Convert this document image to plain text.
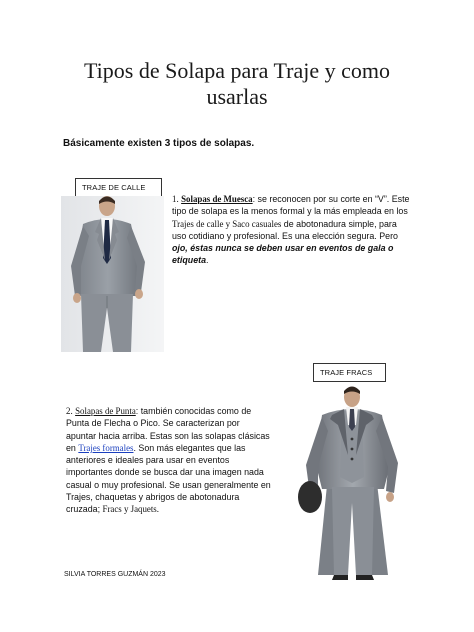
Tipos de Solapa para Traje y como usarlas
Básicamente existen 3 tipos de solapas.
TRAJE DE CALLE
1. Solapas de Muesca: se reconocen por su corte en “V”. Este tipo de solapa es la menos formal y la más empleada en los Trajes de calle y Saco casuales de abotonadura simple, para uso cotidiano y profesional. Es una elección segura. Pero ojo, éstas nunca se deben usar en eventos de gala o etiqueta.
TRAJE FRACS
2. Solapas de Punta: también conocidas como de Punta de Flecha o Pico. Se caracterizan por apuntar hacia arriba. Estas son las solapas clásicas en Trajes formales. Son más elegantes que las anteriores e ideales para usar en eventos importantes donde se busca dar una imagen nada casual o muy profesional. Se usan generalmente en Trajes, chaquetas y abrigos de abotonadura cruzada; Fracs y Jaquets.
SILVIA TORRES GUZMÁN 2023
